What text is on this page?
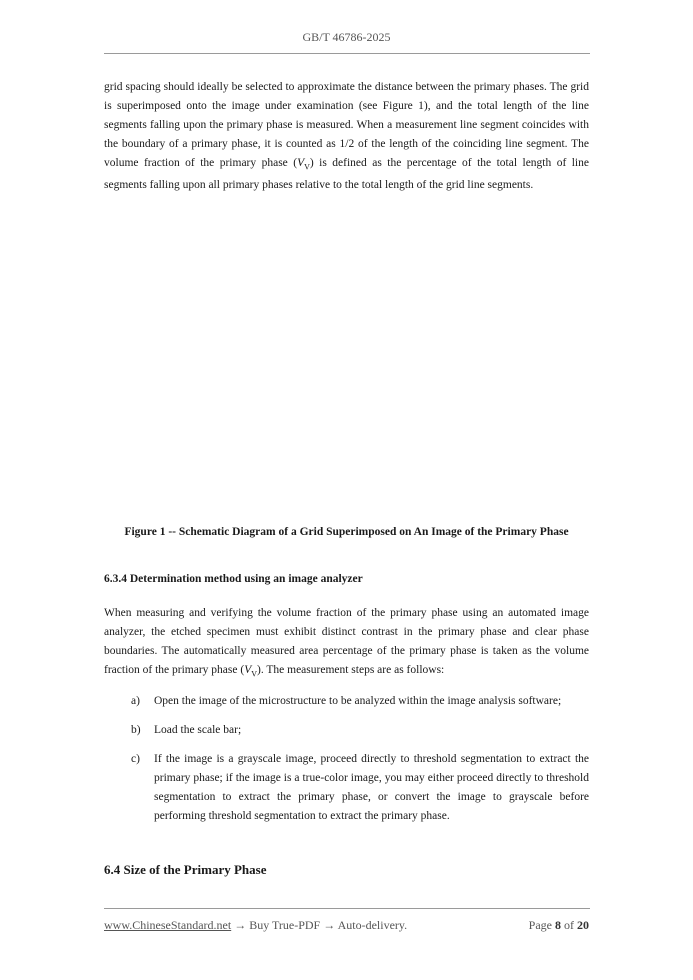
GB/T 46786-2025

grid spacing should ideally be selected to approximate the distance between the primary phases. The grid is superimposed onto the image under examination (see Figure 1), and the total length of the line segments falling upon the primary phase is measured. When a measurement line segment coincides with the boundary of a primary phase, it is counted as 1/2 of the length of the coinciding line segment. The volume fraction of the primary phase $(V_V)$ is defined as the percentage of the total length of line segments falling upon all primary phases relative to the total length of the grid line segments.

Figure 1 -- Schematic Diagram of a Grid Superimposed on An Image of the Primary Phase
6.3.4 Determination method using an image analyzer

When measuring and verifying the volume fraction of the primary phase using an automated image analyzer, the etched specimen must exhibit distinct contrast in the primary phase and clear phase boundaries. The automatically measured area percentage of the primary phase is taken as the volume fraction of the primary phase $(V_V)$. The measurement steps are as follows:

a)	Open the image of the microstructure to be analyzed within the image analysis software;
b)	Load the scale bar;
c)	If the image is a grayscale image, proceed directly to threshold segmentation to extract the primary phase; if the image is a true-color image, you may either proceed directly to threshold segmentation to extract the primary phase, or convert the image to grayscale before performing threshold segmentation to extract the primary phase.
6.4 Size of the Primary Phase
www.ChineseStandard.net → Buy True-PDF → Auto-delivery.	Page 8 of 20
